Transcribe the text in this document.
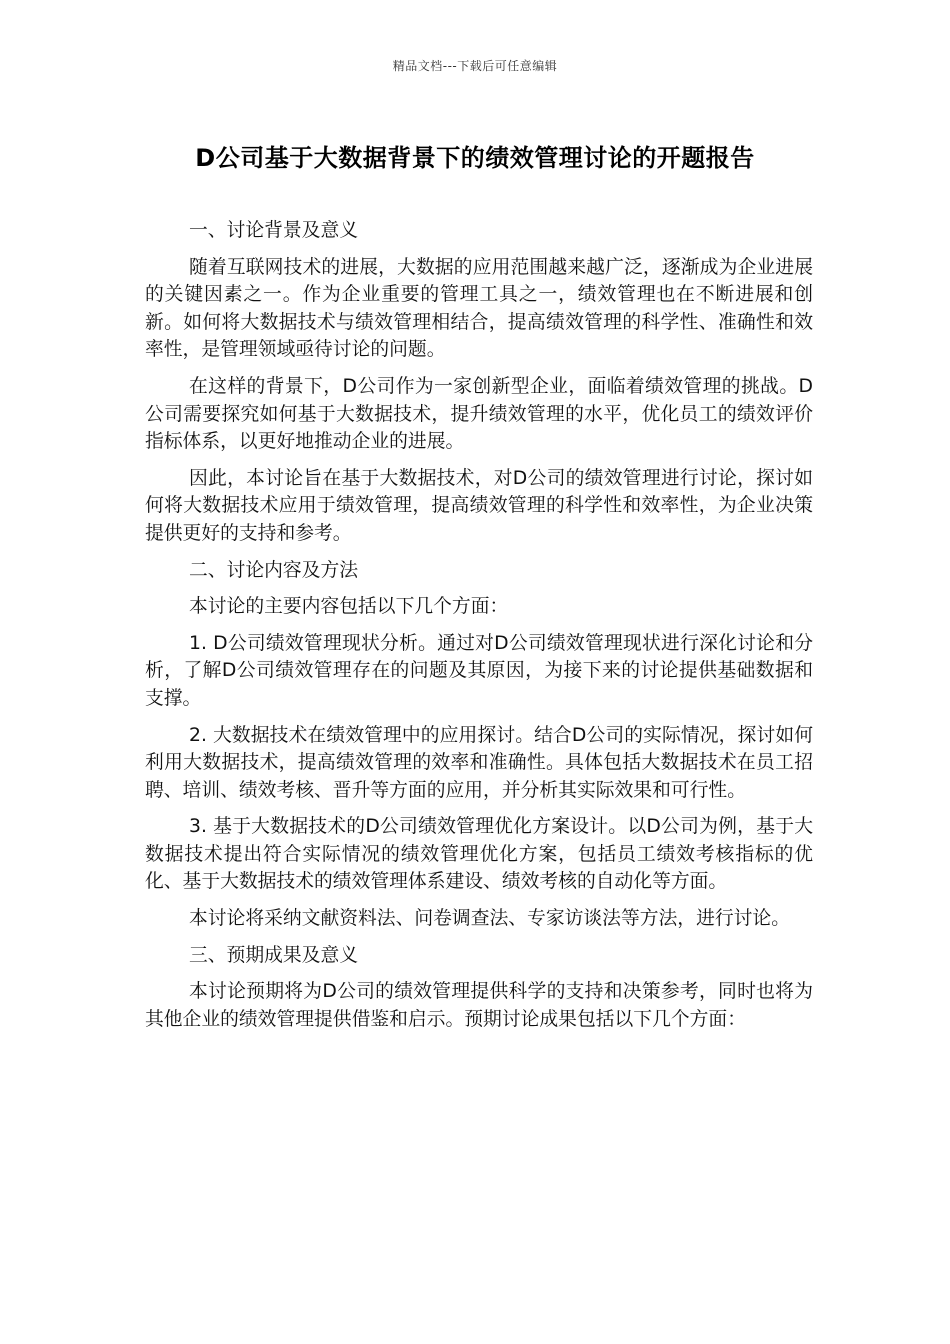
精品文档---下载后可任意编辑
D公司基于大数据背景下的绩效管理讨论的开题报告

一、讨论背景及意义

随着互联网技术的进展，大数据的应用范围越来越广泛，逐渐成为企业进展的关键因素之一。作为企业重要的管理工具之一，绩效管理也在不断进展和创新。如何将大数据技术与绩效管理相结合，提高绩效管理的科学性、准确性和效率性，是管理领域亟待讨论的问题。

在这样的背景下，D公司作为一家创新型企业，面临着绩效管理的挑战。D公司需要探究如何基于大数据技术，提升绩效管理的水平，优化员工的绩效评价指标体系，以更好地推动企业的进展。

因此，本讨论旨在基于大数据技术，对D公司的绩效管理进行讨论，探讨如何将大数据技术应用于绩效管理，提高绩效管理的科学性和效率性，为企业决策提供更好的支持和参考。

二、讨论内容及方法

本讨论的主要内容包括以下几个方面：

1. D公司绩效管理现状分析。通过对D公司绩效管理现状进行深化讨论和分析，了解D公司绩效管理存在的问题及其原因，为接下来的讨论提供基础数据和支撑。

2. 大数据技术在绩效管理中的应用探讨。结合D公司的实际情况，探讨如何利用大数据技术，提高绩效管理的效率和准确性。具体包括大数据技术在员工招聘、培训、绩效考核、晋升等方面的应用，并分析其实际效果和可行性。

3. 基于大数据技术的D公司绩效管理优化方案设计。以D公司为例，基于大数据技术提出符合实际情况的绩效管理优化方案，包括员工绩效考核指标的优化、基于大数据技术的绩效管理体系建设、绩效考核的自动化等方面。

本讨论将采纳文献资料法、问卷调查法、专家访谈法等方法，进行讨论。

三、预期成果及意义

本讨论预期将为D公司的绩效管理提供科学的支持和决策参考，同时也将为其他企业的绩效管理提供借鉴和启示。预期讨论成果包括以下几个方面：
